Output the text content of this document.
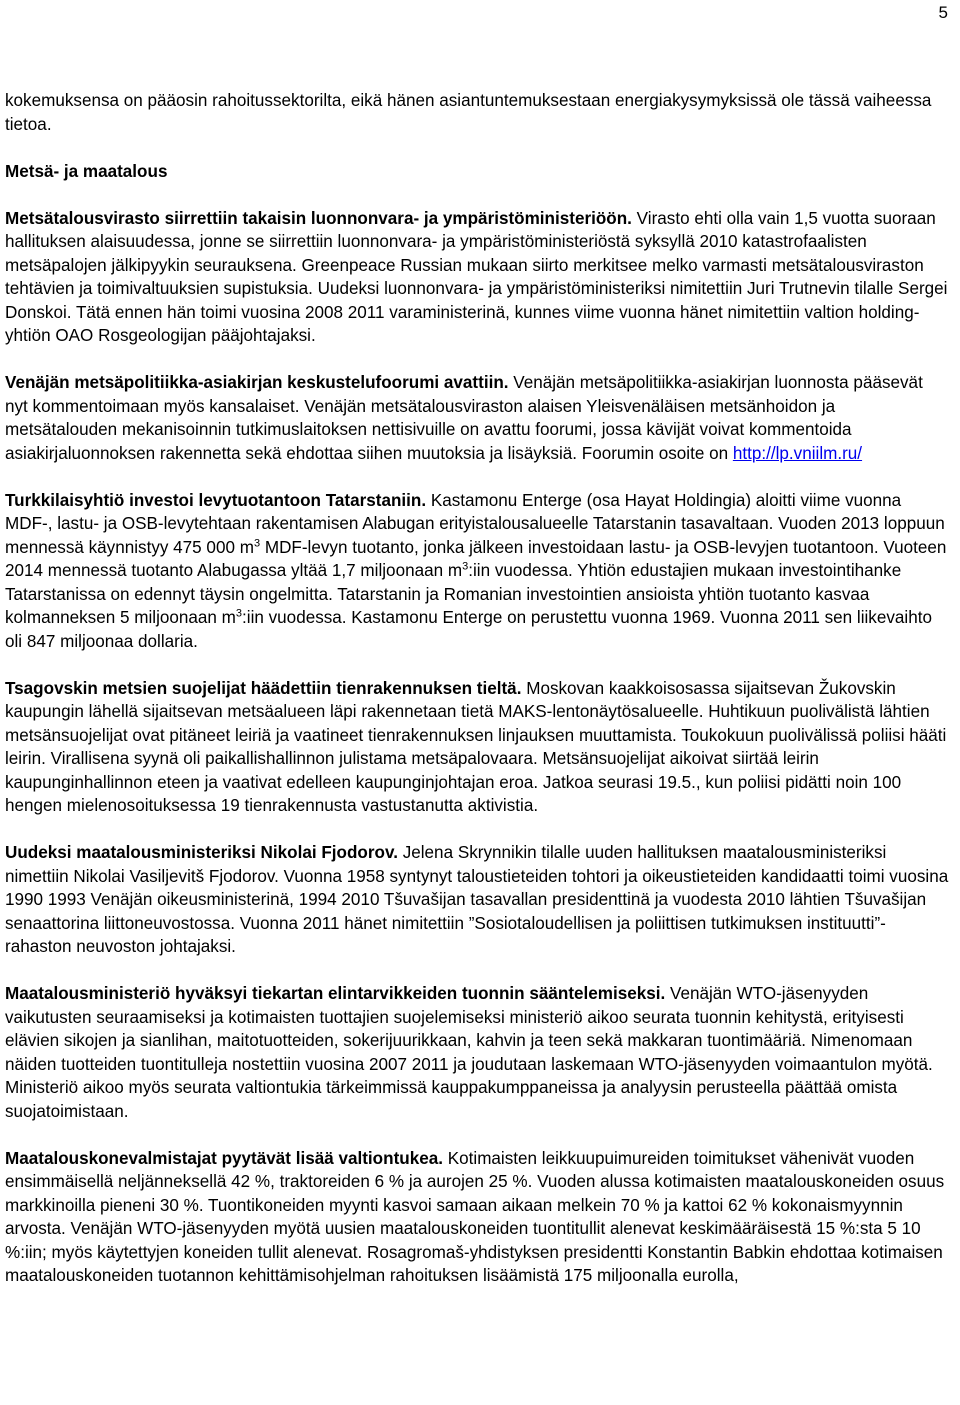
5

kokemuksensa on pääosin rahoitussektorilta, eikä hänen asiantuntemuksestaan energiakysymyksissä ole tässä vaiheessa tietoa.

Metsä- ja maatalous

Metsätalousvirasto siirrettiin takaisin luonnonvara- ja ympäristöministeriöön. Virasto ehti olla vain 1,5 vuotta suoraan hallituksen alaisuudessa, jonne se siirrettiin luonnonvara- ja ympäristöministeriöstä syksyllä 2010 katastrofaalisten metsäpalojen jälkipyykin seurauksena. Greenpeace Russian mukaan siirto merkitsee melko varmasti metsätalousviraston tehtävien ja toimivaltuuksien supistuksia. Uudeksi luonnonvara- ja ympäristöministeriksi nimitettiin Juri Trutnevin tilalle Sergei Donskoi. Tätä ennen hän toimi vuosina 2008 2011 varaministerinä, kunnes viime vuonna hänet nimitettiin valtion holding-yhtiön OAO Rosgeologijan pääjohtajaksi.

Venäjän metsäpolitiikka-asiakirjan keskustelufoorumi avattiin. Venäjän metsäpolitiikka-asiakirjan luonnosta pääsevät nyt kommentoimaan myös kansalaiset. Venäjän metsätalousviraston alaisen Yleisvenäläisen metsänhoidon ja metsätalouden mekanisoinnin tutkimuslaitoksen nettisivuille on avattu foorumi, jossa kävijät voivat kommentoida asiakirjaluonnoksen rakennetta sekä ehdottaa siihen muutoksia ja lisäyksiä. Foorumin osoite on http://lp.vniilm.ru/

Turkkilaisyhtiö investoi levytuotantoon Tatarstaniin. Kastamonu Enterge (osa Hayat Holdingia) aloitti viime vuonna MDF-, lastu- ja OSB-levytehtaan rakentamisen Alabugan erityistalousalueelle Tatarstanin tasavaltaan. Vuoden 2013 loppuun mennessä käynnistyy 475 000 $m^3$ MDF-levyn tuotanto, jonka jälkeen investoidaan lastu- ja OSB-levyjen tuotantoon. Vuoteen 2014 mennessä tuotanto Alabugassa yltää 1,7 miljoonaan $m^3:iin$ vuodessa. Yhtiön edustajien mukaan investointihanke Tatarstanissa on edennyt täysin ongelmitta. Tatarstanin ja Romanian investointien ansioista yhtiön tuotanto kasvaa kolmanneksen 5 miljoonaan $m^3:iin$ vuodessa. Kastamonu Enterge on perustettu vuonna 1969. Vuonna 2011 sen liikevaihto oli 847 miljoonaa dollaria.

Tsagovskin metsien suojelijat häädettiin tienrakennuksen tieltä. Moskovan kaakkoisosassa sijaitsevan Žukovskin kaupungin lähellä sijaitsevan metsäalueen läpi rakennetaan tietä MAKS-lentonäytösalueelle. Huhtikuun puolivälistä lähtien metsänsuojelijat ovat pitäneet leiriä ja vaatineet tienrakennuksen linjauksen muuttamista. Toukokuun puolivälissä poliisi hääti leirin. Virallisena syynä oli paikallishallinnon julistama metsäpalovaara. Metsänsuojelijat aikoivat siirtää leirin kaupunginhallinnon eteen ja vaativat edelleen kaupunginjohtajan eroa. Jatkoa seurasi 19.5., kun poliisi pidätti noin 100 hengen mielenosoituksessa 19 tienrakennusta vastustanutta aktivistia.

Uudeksi maatalousministeriksi Nikolai Fjodorov. Jelena Skrynnikin tilalle uuden hallituksen maatalousministeriksi nimettiin Nikolai Vasiljevitš Fjodorov. Vuonna 1958 syntynyt taloustieteiden tohtori ja oikeustieteiden kandidaatti toimi vuosina 1990 1993 Venäjän oikeusministerinä, 1994 2010 Tšuvašijan tasavallan presidenttinä ja vuodesta 2010 lähtien Tšuvašijan senaattorina liittoneuvostossa. Vuonna 2011 hänet nimitettiin ”Sosiotaloudellisen ja poliittisen tutkimuksen instituutti”-rahaston neuvoston johtajaksi.

Maatalousministeriö hyväksyi tiekartan elintarvikkeiden tuonnin sääntelemiseksi. Venäjän WTO-jäsenyyden vaikutusten seuraamiseksi ja kotimaisten tuottajien suojelemiseksi ministeriö aikoo seurata tuonnin kehitystä, erityisesti elävien sikojen ja sianlihan, maitotuotteiden, sokerijuurikkaan, kahvin ja teen sekä makkaran tuontimääriä. Nimenomaan näiden tuotteiden tuontitulleja nostettiin vuosina 2007 2011 ja joudutaan laskemaan WTO-jäsenyyden voimaantulon myötä. Ministeriö aikoo myös seurata valtiontukia tärkeimmissä kauppakumppaneissa ja analyysin perusteella päättää omista suojatoimistaan.

Maatalouskonevalmistajat pyytävät lisää valtiontukea. Kotimaisten leikkuupuimureiden toimitukset vähenivät vuoden ensimmäisellä neljänneksellä 42 %, traktoreiden 6 % ja aurojen 25 %. Vuoden alussa kotimaisten maatalouskoneiden osuus markkinoilla pieneni 30 %. Tuontikoneiden myynti kasvoi samaan aikaan melkein 70 % ja kattoi 62 % kokonaismyynnin arvosta. Venäjän WTO-jäsenyyden myötä uusien maatalouskoneiden tuontitullit alenevat keskimääräisestä 15 %:sta 5 10 %:iin; myös käytettyjen koneiden tullit alenevat. Rosagromaš-yhdistyksen presidentti Konstantin Babkin ehdottaa kotimaisen maatalouskoneiden tuotannon kehittämisohjelman rahoituksen lisäämistä 175 miljoonalla eurolla,
